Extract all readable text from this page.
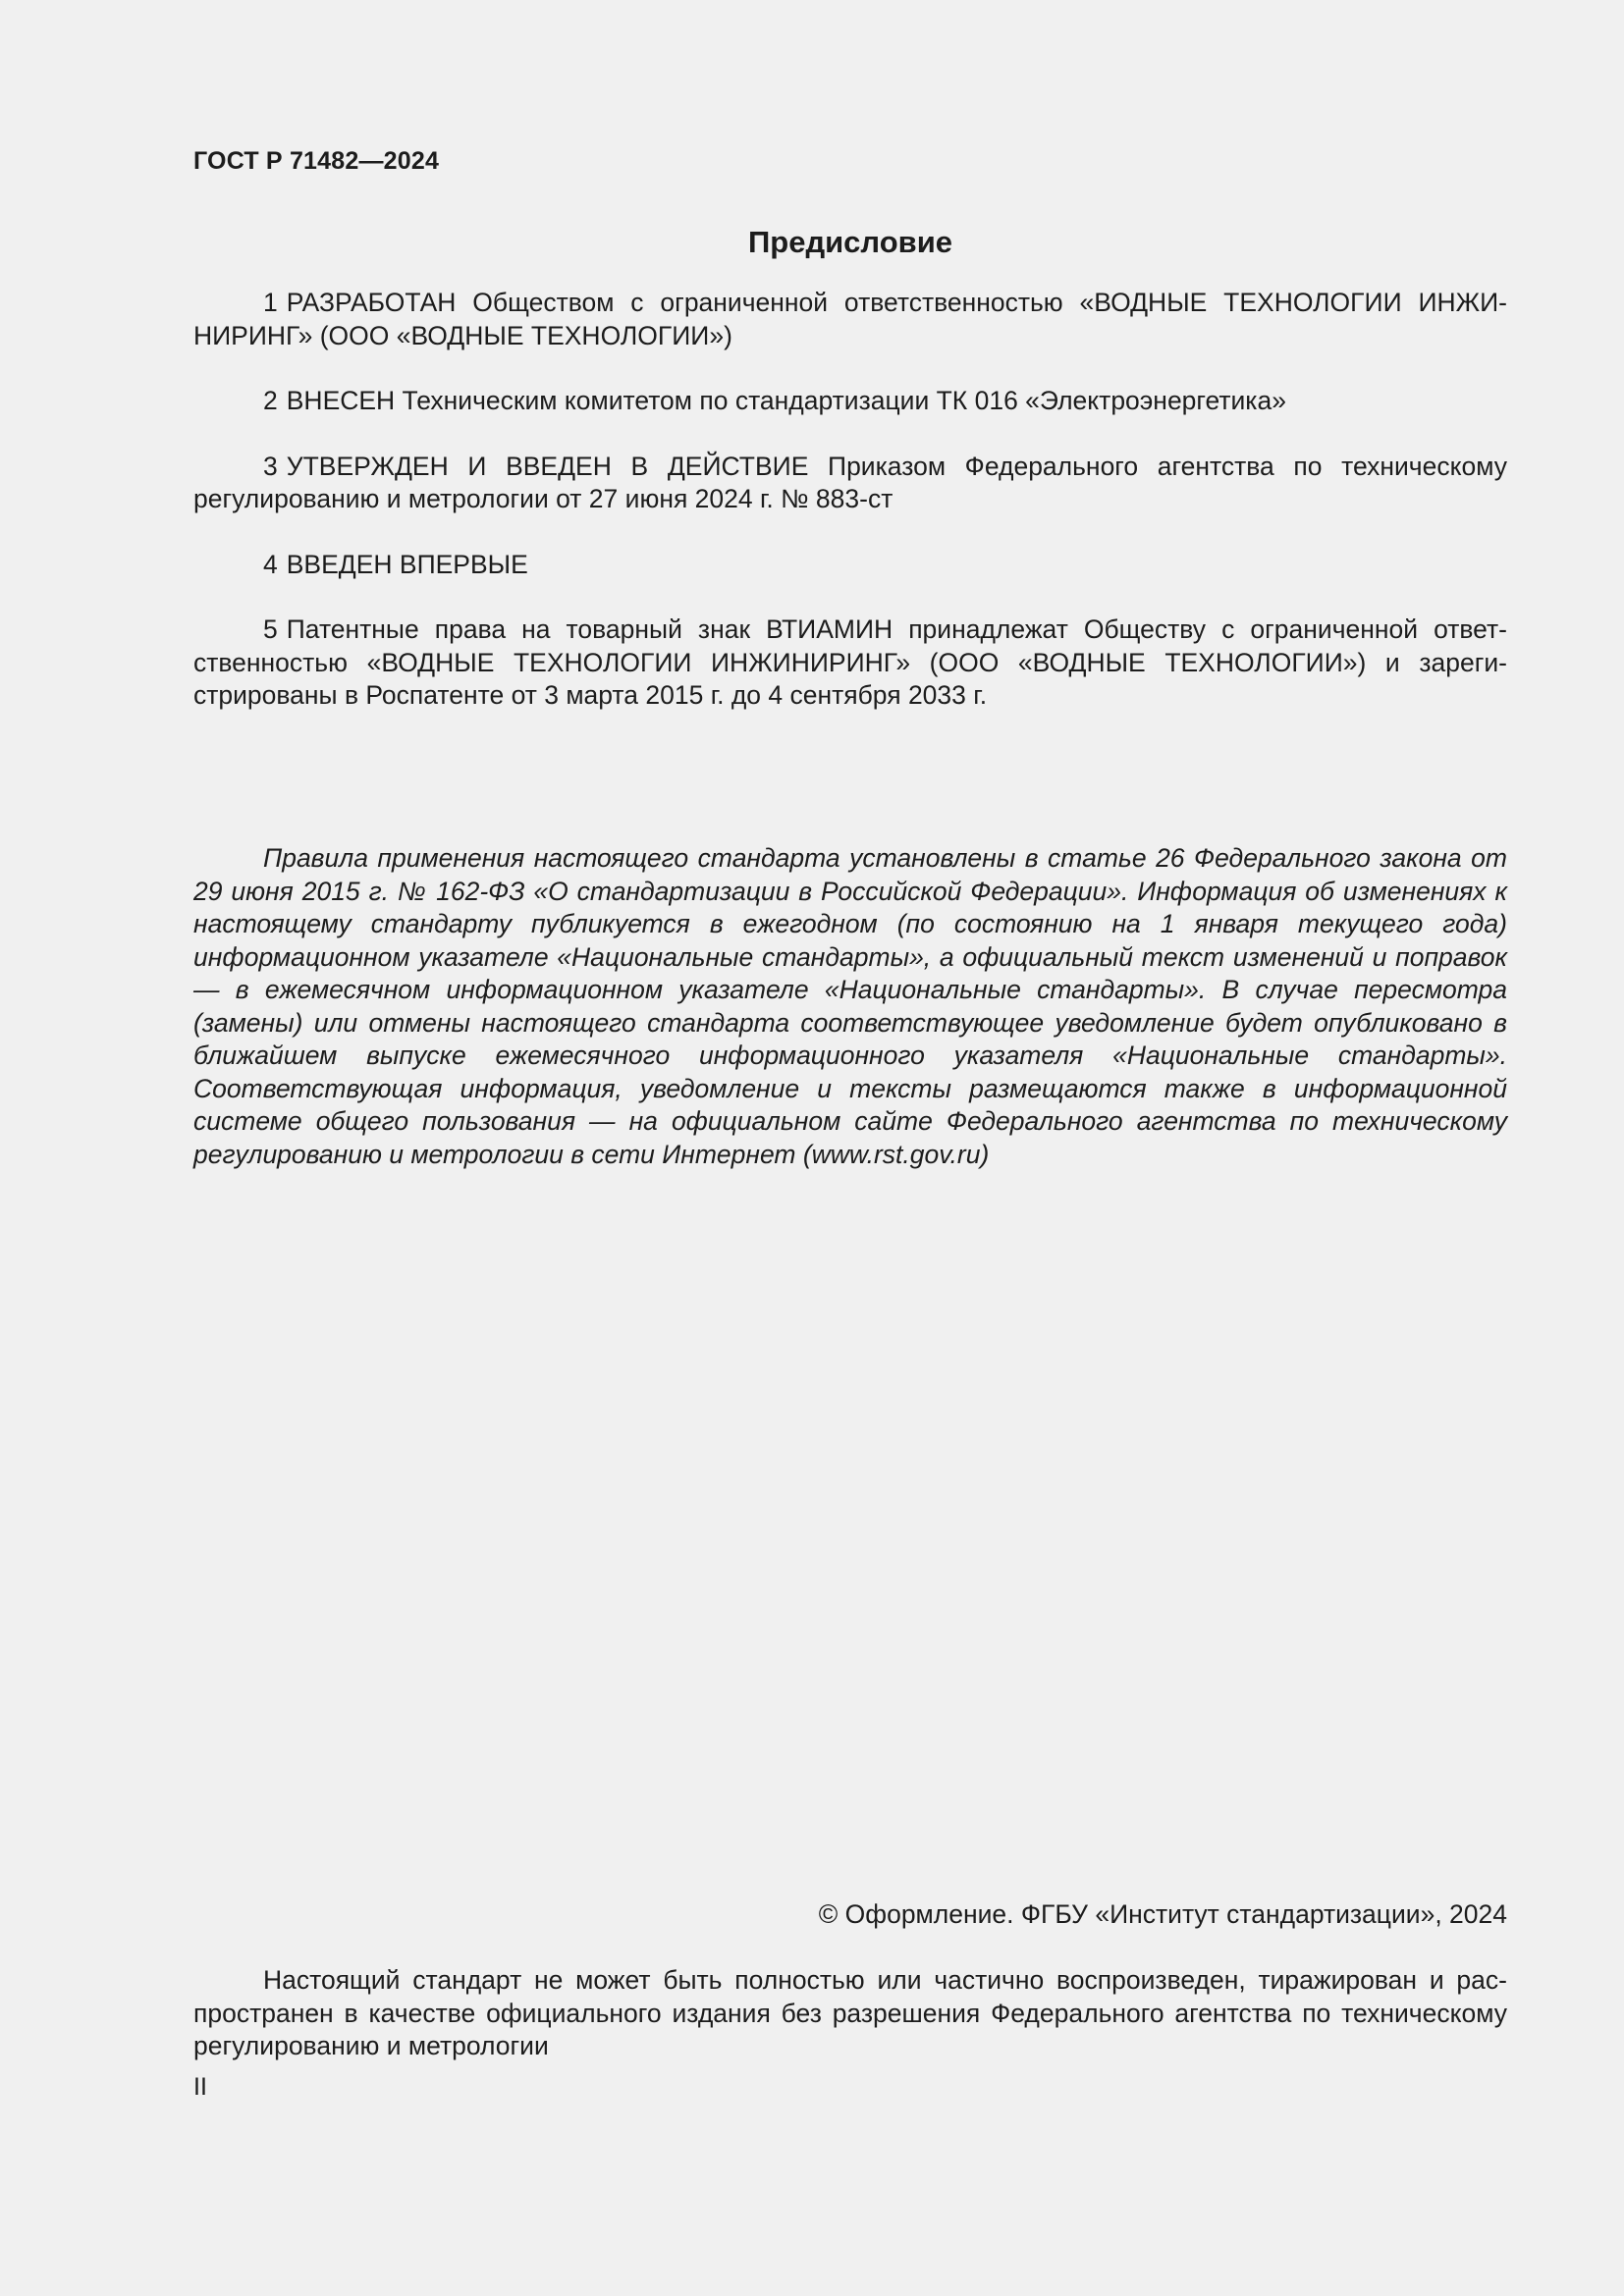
ГОСТ Р 71482—2024
Предисловие

1 РАЗРАБОТАН Обществом с ограниченной ответственностью «ВОДНЫЕ ТЕХНОЛОГИИ ИНЖИНИРИНГ» (ООО «ВОДНЫЕ ТЕХНОЛОГИИ»)

2 ВНЕСЕН Техническим комитетом по стандартизации ТК 016 «Электроэнергетика»

3 УТВЕРЖДЕН И ВВЕДЕН В ДЕЙСТВИЕ Приказом Федерального агентства по техническому регулированию и метрологии от 27 июня 2024 г. № 883-ст

4 ВВЕДЕН ВПЕРВЫЕ

5 Патентные права на товарный знак ВТИАМИН принадлежат Обществу с ограниченной ответственностью «ВОДНЫЕ ТЕХНОЛОГИИ ИНЖИНИРИНГ» (ООО «ВОДНЫЕ ТЕХНОЛОГИИ») и зарегистрированы в Роспатенте от 3 марта 2015 г. до 4 сентября 2033 г.

Правила применения настоящего стандарта установлены в статье 26 Федерального закона от 29 июня 2015 г. № 162-ФЗ «О стандартизации в Российской Федерации». Информация об изменениях к настоящему стандарту публикуется в ежегодном (по состоянию на 1 января текущего года) информационном указателе «Национальные стандарты», а официальный текст изменений и поправок — в ежемесячном информационном указателе «Национальные стандарты». В случае пересмотра (замены) или отмены настоящего стандарта соответствующее уведомление будет опубликовано в ближайшем выпуске ежемесячного информационного указателя «Национальные стандарты». Соответствующая информация, уведомление и тексты размещаются также в информационной системе общего пользования — на официальном сайте Федерального агентства по техническому регулированию и метрологии в сети Интернет (www.rst.gov.ru)

© Оформление. ФГБУ «Институт стандартизации», 2024

Настоящий стандарт не может быть полностью или частично воспроизведен, тиражирован и распространен в качестве официального издания без разрешения Федерального агентства по техническому регулированию и метрологии

II
